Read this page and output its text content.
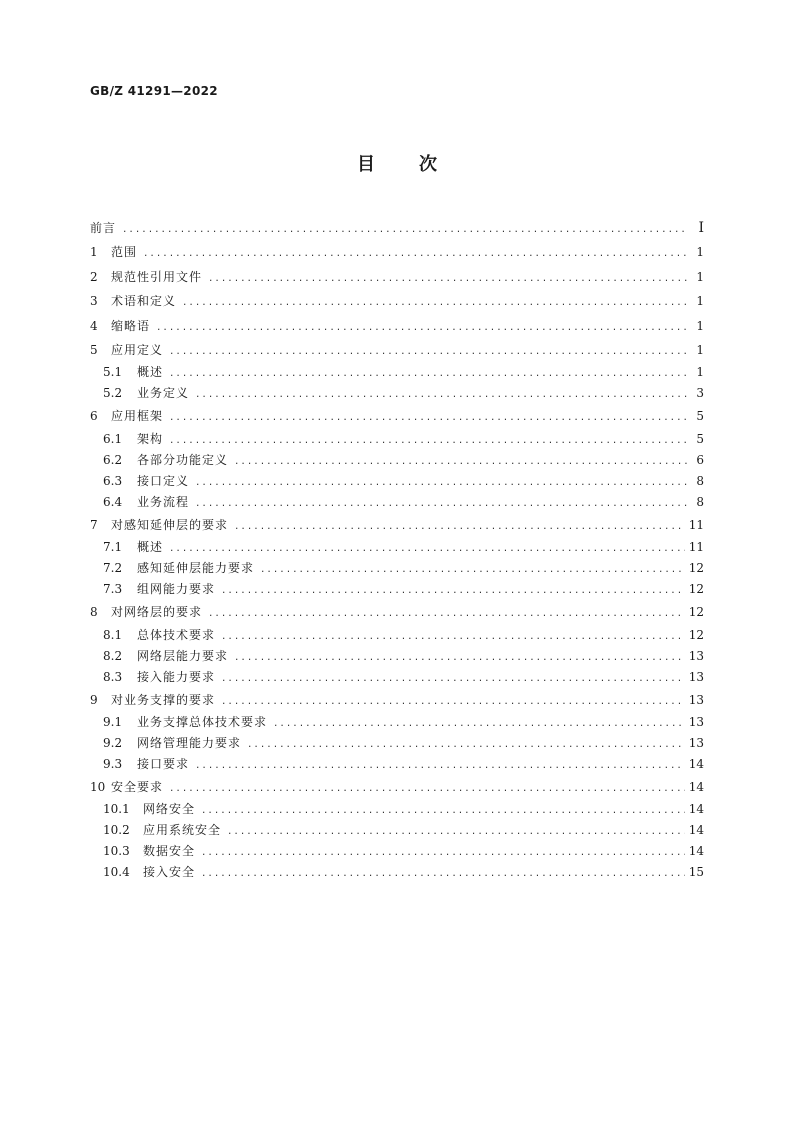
GB/Z 41291—2022
目 次
前言 .....	I
1	范围 .....	1
2	规范性引用文件 .....	1
3	术语和定义 .....	1
4	缩略语 .....	1
5	应用定义 .....	1
5.1	概述 .....	1
5.2	业务定义 .....	3
6	应用框架 .....	5
6.1	架构 .....	5
6.2	各部分功能定义 .....	6
6.3	接口定义 .....	8
6.4	业务流程 .....	8
7	对感知延伸层的要求 .....	11
7.1	概述 .....	11
7.2	感知延伸层能力要求 .....	12
7.3	组网能力要求 .....	12
8	对网络层的要求 .....	12
8.1	总体技术要求 .....	12
8.2	网络层能力要求 .....	13
8.3	接入能力要求 .....	13
9	对业务支撑的要求 .....	13
9.1	业务支撑总体技术要求 .....	13
9.2	网络管理能力要求 .....	13
9.3	接口要求 .....	14
10 安全要求 .....	14
10.1	网络安全 .....	14
10.2	应用系统安全 .....	14
10.3	数据安全 .....	14
10.4	接入安全 .....	15
